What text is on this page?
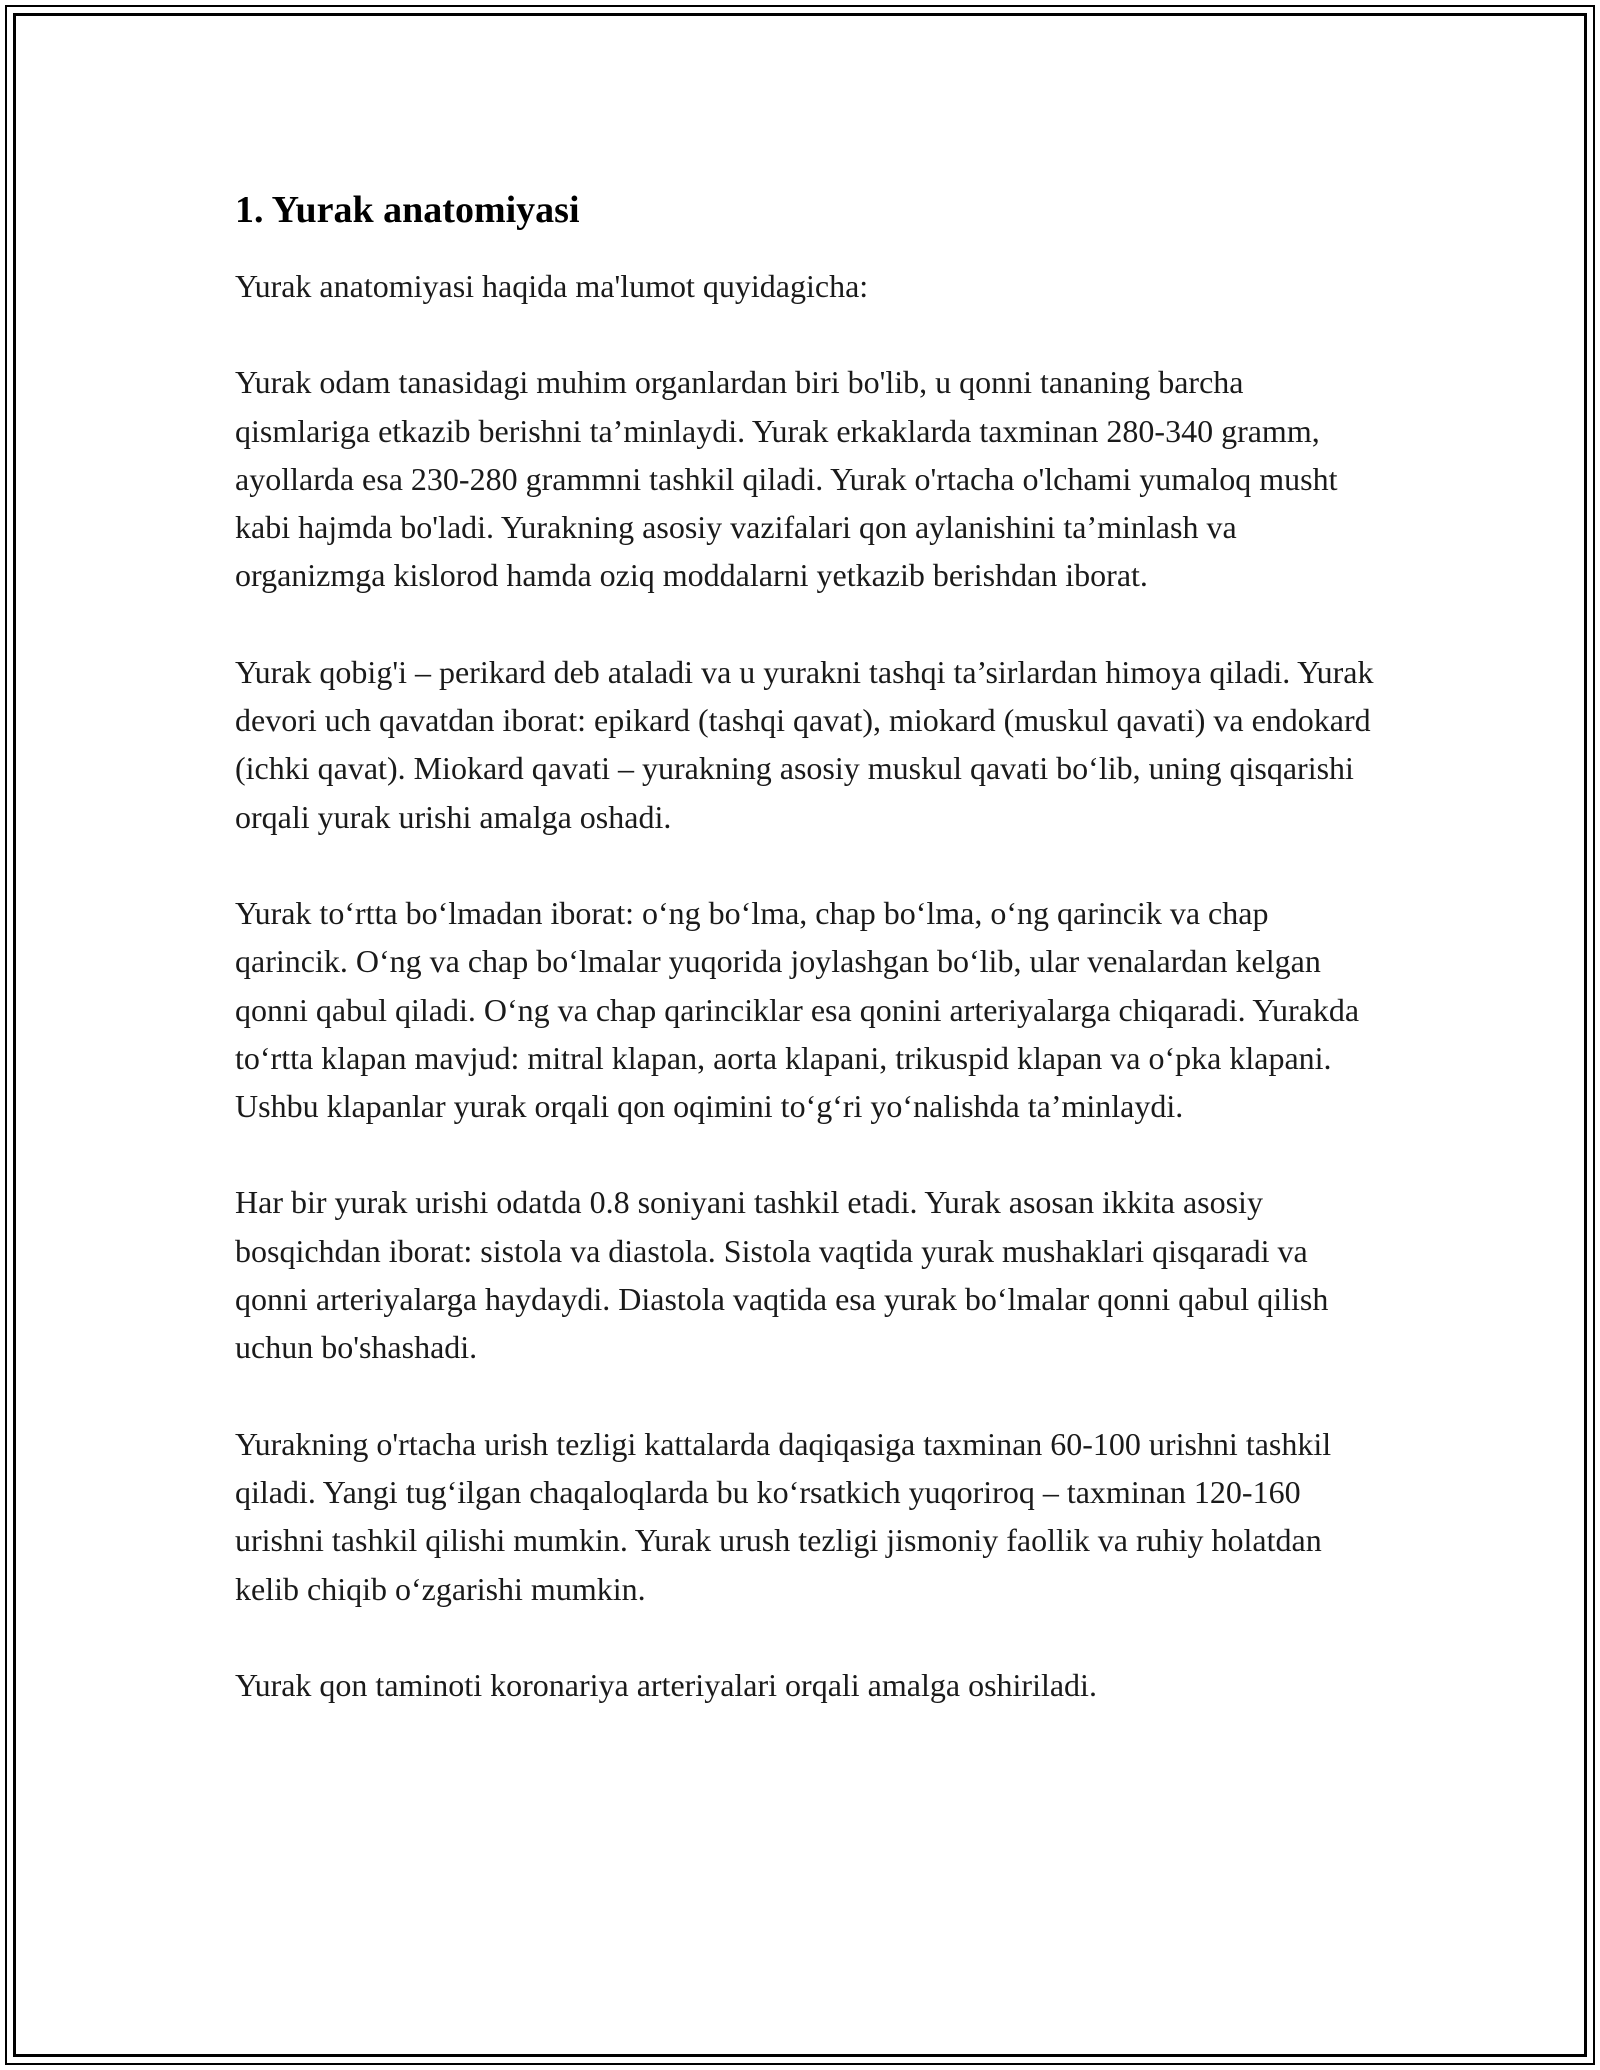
1. Yurak anatomiyasi

Yurak anatomiyasi haqida ma'lumot quyidagicha:

Yurak odam tanasidagi muhim organlardan biri bo'lib, u qonni tananing barcha qismlariga etkazib berishni ta’minlaydi. Yurak erkaklarda taxminan 280-340 gramm, ayollarda esa 230-280 grammni tashkil qiladi. Yurak o'rtacha o'lchami yumaloq musht kabi hajmda bo'ladi. Yurakning asosiy vazifalari qon aylanishini ta’minlash va organizmga kislorod hamda oziq moddalarni yetkazib berishdan iborat.

Yurak qobig'i – perikard deb ataladi va u yurakni tashqi ta’sirlardan himoya qiladi. Yurak devori uch qavatdan iborat: epikard (tashqi qavat), miokard (muskul qavati) va endokard (ichki qavat). Miokard qavati – yurakning asosiy muskul qavati bo‘lib, uning qisqarishi orqali yurak urishi amalga oshadi.

Yurak to‘rtta bo‘lmadan iborat: o‘ng bo‘lma, chap bo‘lma, o‘ng qarincik va chap qarincik. O‘ng va chap bo‘lmalar yuqorida joylashgan bo‘lib, ular venalardan kelgan qonni qabul qiladi. O‘ng va chap qarinciklar esa qonini arteriyalarga chiqaradi. Yurakda to‘rtta klapan mavjud: mitral klapan, aorta klapani, trikuspid klapan va o‘pka klapani. Ushbu klapanlar yurak orqali qon oqimini to‘g‘ri yo‘nalishda ta’minlaydi.

Har bir yurak urishi odatda 0.8 soniyani tashkil etadi. Yurak asosan ikkita asosiy bosqichdan iborat: sistola va diastola. Sistola vaqtida yurak mushaklari qisqaradi va qonni arteriyalarga haydaydi. Diastola vaqtida esa yurak bo‘lmalar qonni qabul qilish uchun bo'shashadi.

Yurakning o'rtacha urish tezligi kattalarda daqiqasiga taxminan 60-100 urishni tashkil qiladi. Yangi tug‘ilgan chaqaloqlarda bu ko‘rsatkich yuqoriroq – taxminan 120-160 urishni tashkil qilishi mumkin. Yurak urush tezligi jismoniy faollik va ruhiy holatdan kelib chiqib o‘zgarishi mumkin.

Yurak qon taminoti koronariya arteriyalari orqali amalga oshiriladi.
